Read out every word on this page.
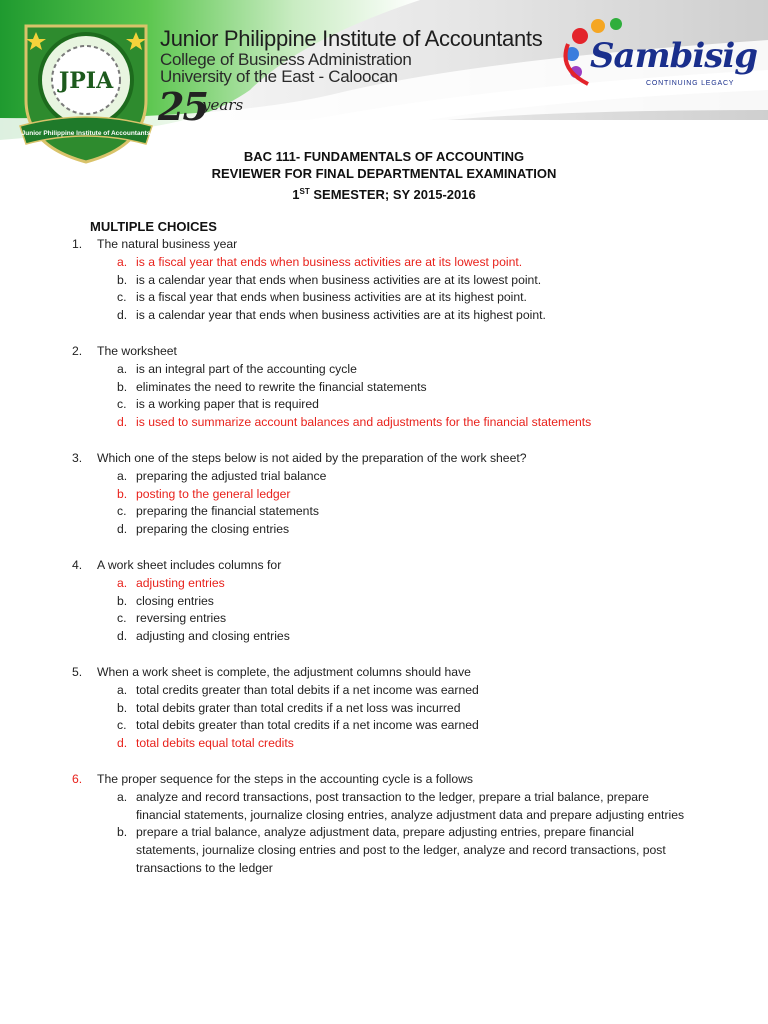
JPIA
Junior Philippine Institute of Accountants
Junior Philippine Institute of Accountants
College of Business Administration
University of the East - Caloocan
25
years
Sambisig
CONTINUING LEGACY
BAC 111- FUNDAMENTALS OF ACCOUNTING
REVIEWER FOR FINAL DEPARTMENTAL EXAMINATION
1ST SEMESTER; SY 2015-2016
MULTIPLE CHOICES
1.	The natural business year
a. is a fiscal year that ends when business activities are at its lowest point.
b. is a calendar year that ends when business activities are at its lowest point.
c. is a fiscal year that ends when business activities are at its highest point.
d. is a calendar year that ends when business activities are at its highest point.
2.	The worksheet
a. is an integral part of the accounting cycle
b. eliminates the need to rewrite the financial statements
c. is a working paper that is required
d. is used to summarize account balances and adjustments for the financial statements
3.	Which one of the steps below is not aided by the preparation of the work sheet?
a. preparing the adjusted trial balance
b. posting to the general ledger
c. preparing the financial statements
d. preparing the closing entries
4.	A work sheet includes columns for
a. adjusting entries
b. closing entries
c. reversing entries
d. adjusting and closing entries
5.	When a work sheet is complete, the adjustment columns should have
a. total credits greater than total debits if a net income was earned
b. total debits grater than total credits if a net loss was incurred
c. total debits greater than total credits if a net income was earned
d. total debits equal total credits
6.	The proper sequence for the steps in the accounting cycle is a follows
a. analyze and record transactions, post transaction to the ledger, prepare a trial balance, prepare financial statements, journalize closing entries, analyze adjustment data and prepare adjusting entries
b. prepare a trial balance, analyze adjustment data, prepare adjusting entries, prepare financial statements, journalize closing entries and post to the ledger, analyze and record transactions, post transactions to the ledger
